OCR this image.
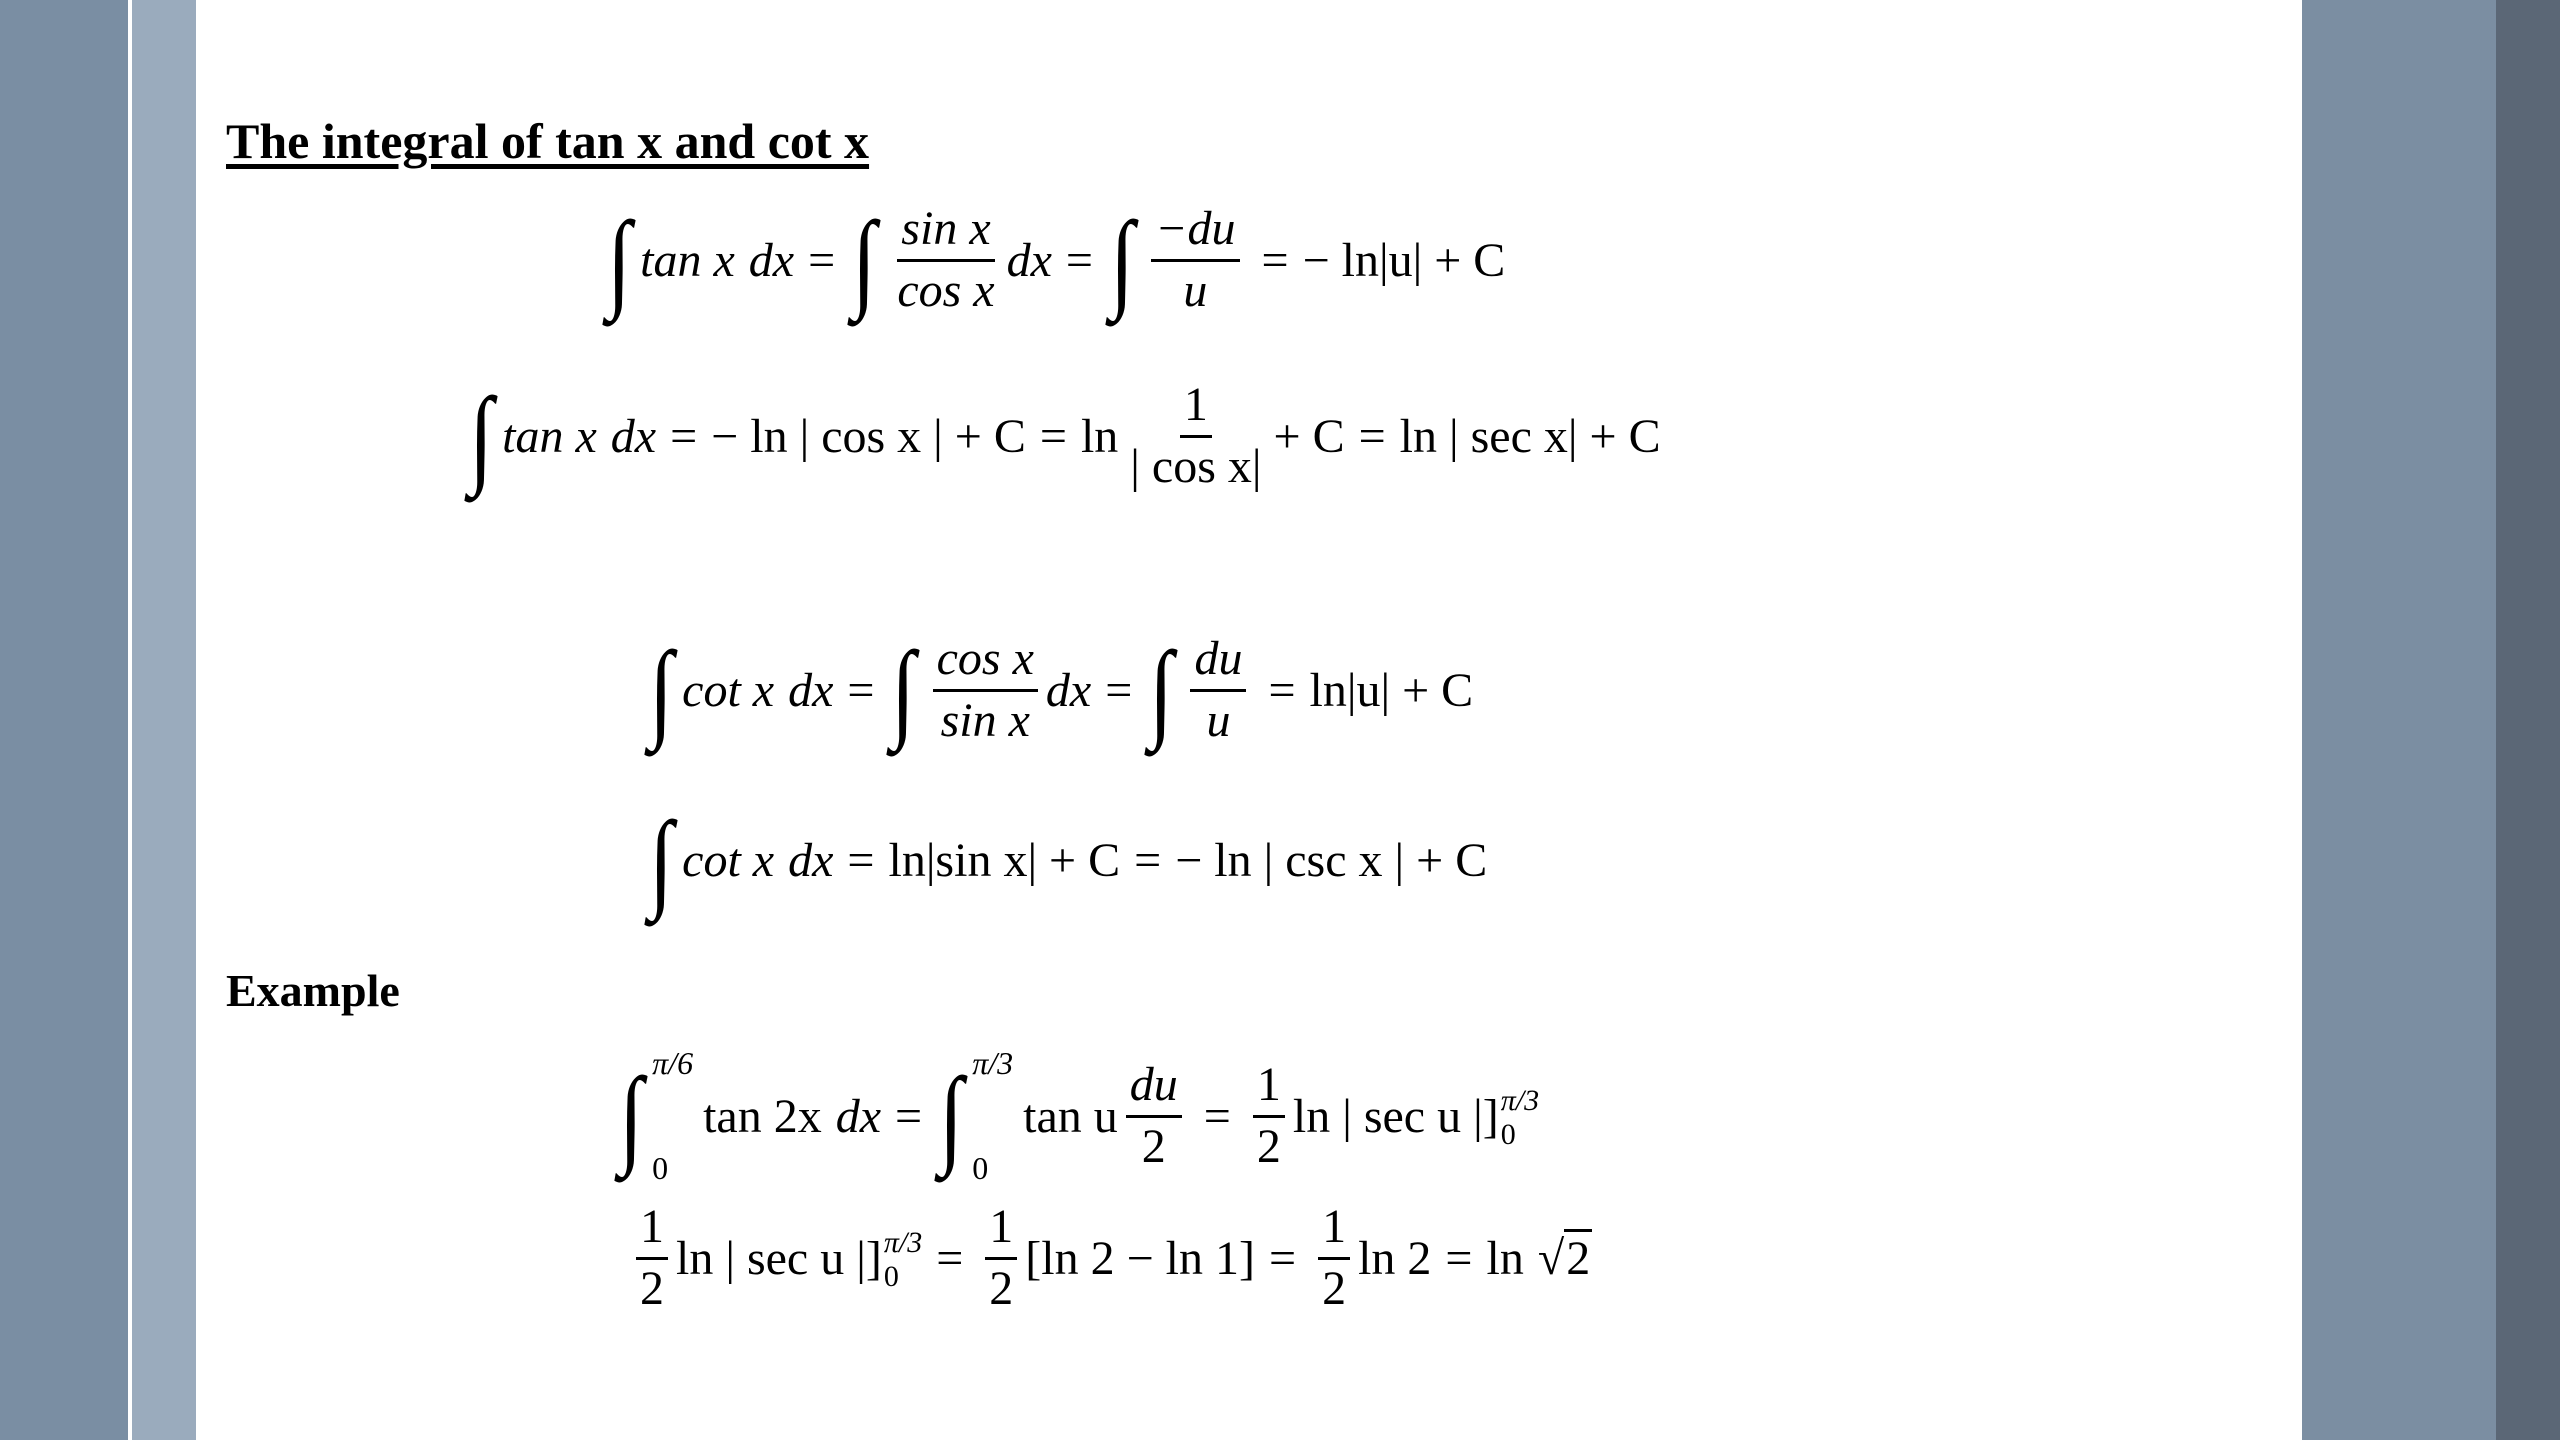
The integral of tan x and cot x
∫ tan x dx = ∫ $\frac{\text{sin x}}{\text{cos x}}$ dx = ∫ $\frac{-du}{u}$ = − ln|u| + C
∫ tan x dx = − ln | cos x | + $C = \ln \frac{1}{\text{| cos x|}} + C = \ln$ | sec x| + C
∫ cot x dx = ∫ $\frac{\text{cos x}}{\text{sin x}}$ dx = ∫ $\frac{du}{u} = \ln|u| + C$
∫ cot x dx = ln|sin x| + C = − ln | csc x | + C
Example
∫ π/6
0
tan 2x dx = ∫ π/3
0
tan u $\frac{du}{2} = \frac{1}{2}$ ln | sec u |] π/3
0
$\frac{1}{2}$ ln | sec u |] π/3
$0 = \frac{1}{2} [\ln$ $2 - \ln 1] = \frac{1}{2}$ ln 2 = ln √2
